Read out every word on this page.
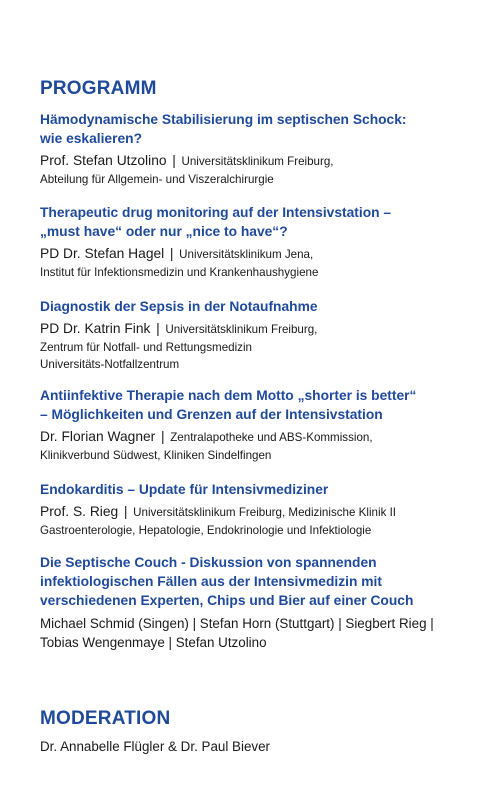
PROGRAMM
Hämodynamische Stabilisierung im septischen Schock:
wie eskalieren?
Prof. Stefan Utzolino | Universitätsklinikum Freiburg,
Abteilung für Allgemein- und Viszeralchirurgie
Therapeutic drug monitoring auf der Intensivstation –
„must have“ oder nur „nice to have“?
PD Dr. Stefan Hagel | Universitätsklinikum Jena,
Institut für Infektionsmedizin und Krankenhaushygiene
Diagnostik der Sepsis in der Notaufnahme
PD Dr. Katrin Fink | Universitätsklinikum Freiburg,
Zentrum für Notfall- und Rettungsmedizin
Universitäts-Notfallzentrum
Antiinfektive Therapie nach dem Motto „shorter is better“
– Möglichkeiten und Grenzen auf der Intensivstation
Dr. Florian Wagner | Zentralapotheke und ABS-Kommission,
Klinikverbund Südwest, Kliniken Sindelfingen
Endokarditis – Update für Intensivmediziner
Prof. S. Rieg | Universitätsklinikum Freiburg, Medizinische Klinik II
Gastroenterologie, Hepatologie, Endokrinologie und Infektiologie
Die Septische Couch - Diskussion von spannenden
infektiologischen Fällen aus der Intensivmedizin mit
verschiedenen Experten, Chips und Bier auf einer Couch
Michael Schmid (Singen) | Stefan Horn (Stuttgart) | Siegbert Rieg |
Tobias Wengenmaye | Stefan Utzolino
MODERATION
Dr. Annabelle Flügler & Dr. Paul Biever
